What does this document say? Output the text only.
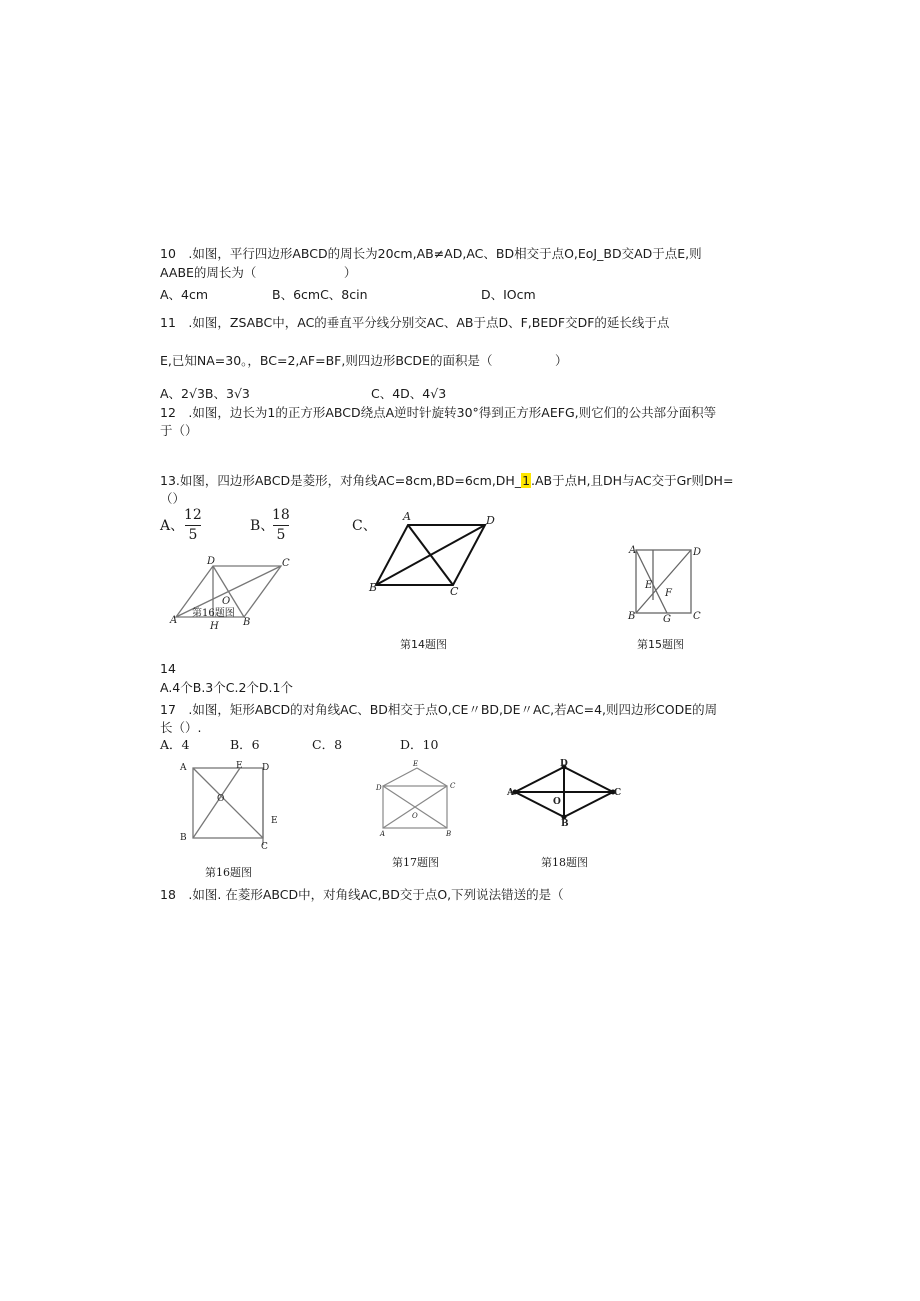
10　.如图，平行四边形ABCD的周长为20cm,AB≠AD,AC、BD相交于点O,EoJ_BD交AD于点E,则
AABE的周长为（　　　　　　　）
A、4cm	B、6cmC、8cin	D、IOcm
11　.如图，ZSABC中，AC的垂直平分线分别交AC、AB于点D、F,BEDF交DF的延长线于点
E,已知NA=30。，BC=2,AF=BF,则四边形BCDE的面积是（　　　　　）
A、2√3B、3√3	C、4D、4√3
12　.如图，边长为1的正方形ABCD绕点A逆时针旋转30°得到正方形AEFG,则它们的公共部分面积等
于（）
13.如图，四边形ABCD是菱形，对角线AC=8cm,BD=6cm,DH_1.AB于点H,且DH与AC交于Gr则DH=
（）
A、
12
5
B、
18
5
C、
D	C
O
A
H B
第16题图
A	D
B	C
第14题图
A	D
E
F
B	G C
第15题图
14
A.4个B.3个C.2个D.1个
17　.如图，矩形ABCD的对角线AC、BD相交于点O,CE〃BD,DE〃AC,若AC=4,则四边形CODE的周
长（）.
A．4	B．6	C．8	D．10
A	E D
O
E
B
C
第16题图
E
D	C
O
A	B
第17题图
D
A
O
C
B
第18题图
18　.如图. 在菱形ABCD中，对角线AC,BD交于点O,下列说法错送的是（
